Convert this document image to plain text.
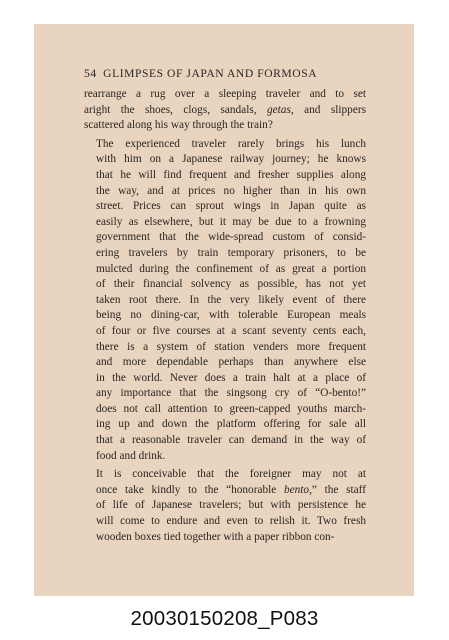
54 GLIMPSES OF JAPAN AND FORMOSA
rearrange a rug over a sleeping traveler and to set
aright the shoes, clogs, sandals, getas, and slippers
scattered along his way through the train?
The experienced traveler rarely brings his lunch
with him on a Japanese railway journey; he knows
that he will find frequent and fresher supplies along
the way, and at prices no higher than in his own
street. Prices can sprout wings in Japan quite as
easily as elsewhere, but it may be due to a frowning
government that the wide-spread custom of consid-
ering travelers by train temporary prisoners, to be
mulcted during the confinement of as great a portion
of their financial solvency as possible, has not yet
taken root there. In the very likely event of there
being no dining-car, with tolerable European meals
of four or five courses at a scant seventy cents each,
there is a system of station venders more frequent
and more dependable perhaps than anywhere else
in the world. Never does a train halt at a place of
any importance that the singsong cry of “O-bento!”
does not call attention to green-capped youths march-
ing up and down the platform offering for sale all
that a reasonable traveler can demand in the way of
food and drink.
It is conceivable that the foreigner may not at
once take kindly to the “honorable bento,” the staff
of life of Japanese travelers; but with persistence he
will come to endure and even to relish it. Two fresh
wooden boxes tied together with a paper ribbon con-
20030150208_P083
